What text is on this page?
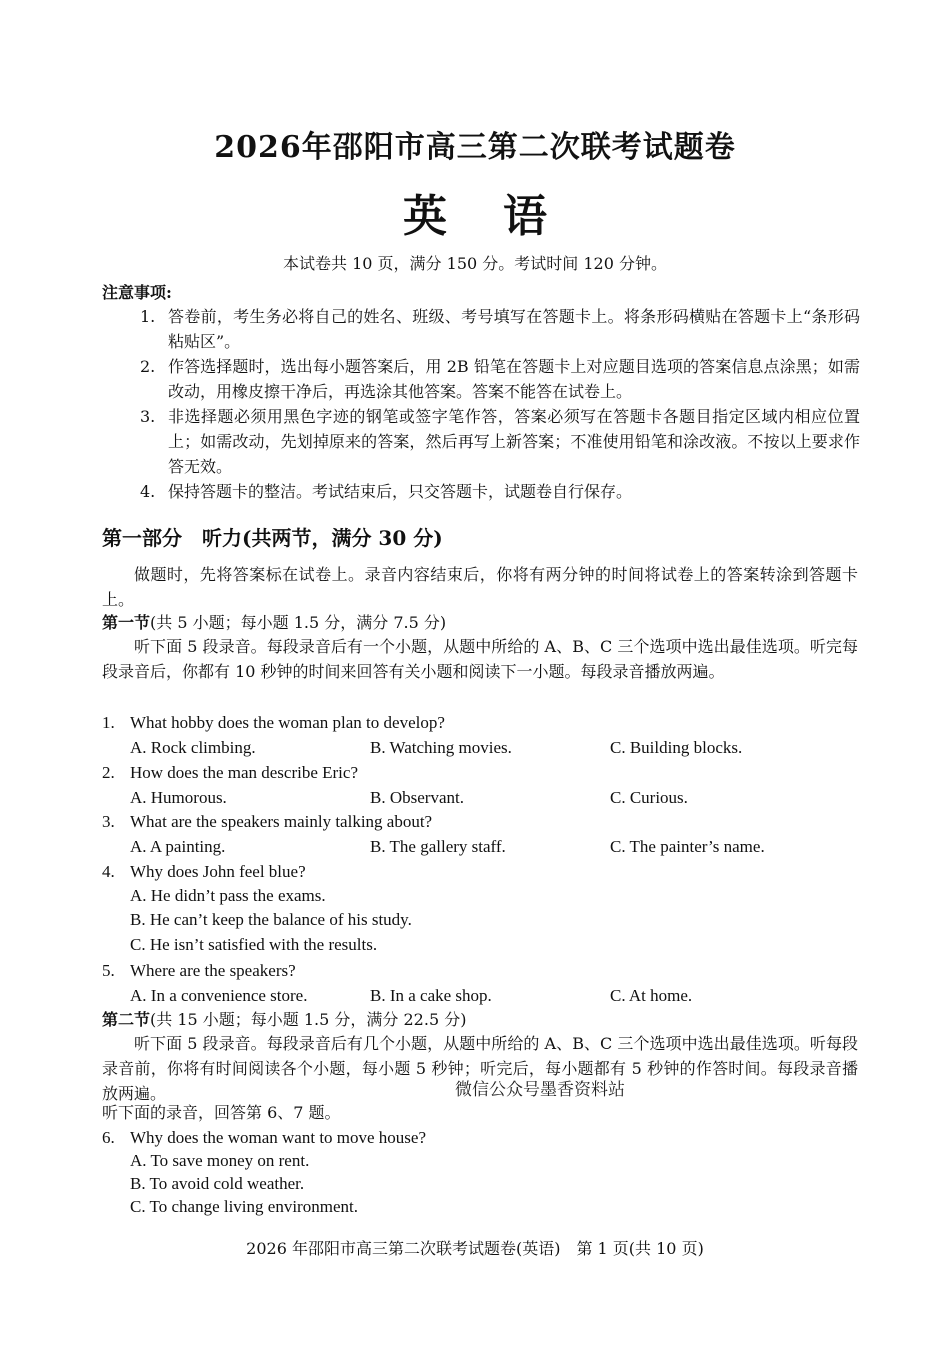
2026年邵阳市高三第二次联考试题卷
英 语
本试卷共 10 页，满分 150 分。考试时间 120 分钟。
注意事项:
1. 答卷前，考生务必将自己的姓名、班级、考号填写在答题卡上。将条形码横贴在答题卡上“条形码粘贴区”。
2. 作答选择题时，选出每小题答案后，用 2B 铅笔在答题卡上对应题目选项的答案信息点涂黑；如需改动，用橡皮擦干净后，再选涂其他答案。答案不能答在试卷上。
3. 非选择题必须用黑色字迹的钢笔或签字笔作答，答案必须写在答题卡各题目指定区域内相应位置上；如需改动，先划掉原来的答案，然后再写上新答案；不准使用铅笔和涂改液。不按以上要求作答无效。
4. 保持答题卡的整洁。考试结束后，只交答题卡，试题卷自行保存。
第一部分　听力(共两节，满分 30 分)
做题时，先将答案标在试卷上。录音内容结束后，你将有两分钟的时间将试卷上的答案转涂到答题卡上。
第一节(共 5 小题；每小题 1.5 分，满分 7.5 分)
听下面 5 段录音。每段录音后有一个小题，从题中所给的 A、B、C 三个选项中选出最佳选项。听完每段录音后，你都有 10 秒钟的时间来回答有关小题和阅读下一小题。每段录音播放两遍。
1. What hobby does the woman plan to develop?
A. Rock climbing.	B. Watching movies.	C. Building blocks.
2. How does the man describe Eric?
A. Humorous.	B. Observant.	C. Curious.
3. What are the speakers mainly talking about?
A. A painting.	B. The gallery staff.	C. The painter’s name.
4. Why does John feel blue?
A. He didn’t pass the exams.
B. He can’t keep the balance of his study.
C. He isn’t satisfied with the results.
5. Where are the speakers?
A. In a convenience store.	B. In a cake shop.	C. At home.
第二节(共 15 小题；每小题 1.5 分，满分 22.5 分)
听下面 5 段录音。每段录音后有几个小题，从题中所给的 A、B、C 三个选项中选出最佳选项。听每段录音前，你将有时间阅读各个小题，每小题 5 秒钟；听完后，每小题都有 5 秒钟的作答时间。每段录音播放两遍。	微信公众号墨香资料站
听下面的录音，回答第 6、7 题。
6. Why does the woman want to move house?
A. To save money on rent.
B. To avoid cold weather.
C. To change living environment.
2026 年邵阳市高三第二次联考试题卷(英语)　第 1 页(共 10 页)
